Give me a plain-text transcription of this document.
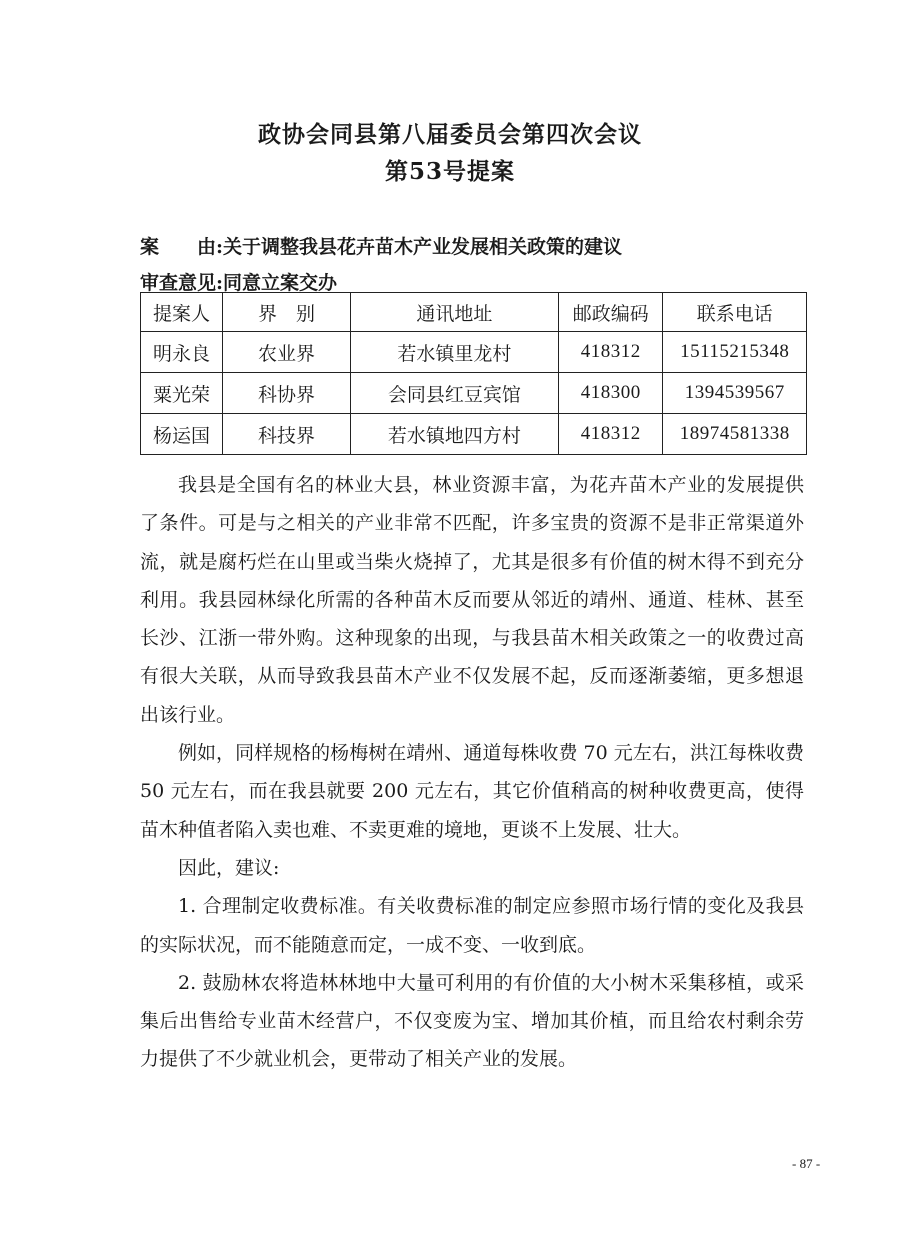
政协会同县第八届委员会第四次会议
第53号提案
案　　由:关于调整我县花卉苗木产业发展相关政策的建议
审查意见:同意立案交办
提案人	界　别	通讯地址	邮政编码	联系电话
明永良	农业界	若水镇里龙村	418312	15115215348
粟光荣	科协界	会同县红豆宾馆	418300	1394539567
杨运国	科技界	若水镇地四方村	418312	18974581338

我县是全国有名的林业大县，林业资源丰富，为花卉苗木产业的发展提供了条件。可是与之相关的产业非常不匹配，许多宝贵的资源不是非正常渠道外流，就是腐朽烂在山里或当柴火烧掉了，尤其是很多有价值的树木得不到充分利用。我县园林绿化所需的各种苗木反而要从邻近的靖州、通道、桂林、甚至长沙、江浙一带外购。这种现象的出现，与我县苗木相关政策之一的收费过高有很大关联，从而导致我县苗木产业不仅发展不起，反而逐渐萎缩，更多想退出该行业。

例如，同样规格的杨梅树在靖州、通道每株收费 70 元左右，洪江每株收费 50 元左右，而在我县就要 200 元左右，其它价值稍高的树种收费更高，使得苗木种值者陷入卖也难、不卖更难的境地，更谈不上发展、壮大。

因此，建议:

1. 合理制定收费标准。有关收费标准的制定应参照市场行情的变化及我县的实际状况，而不能随意而定，一成不变、一收到底。

2. 鼓励林农将造林林地中大量可利用的有价值的大小树木采集移植，或采集后出售给专业苗木经营户，不仅变废为宝、增加其价植，而且给农村剩余劳力提供了不少就业机会，更带动了相关产业的发展。

- 87 -
